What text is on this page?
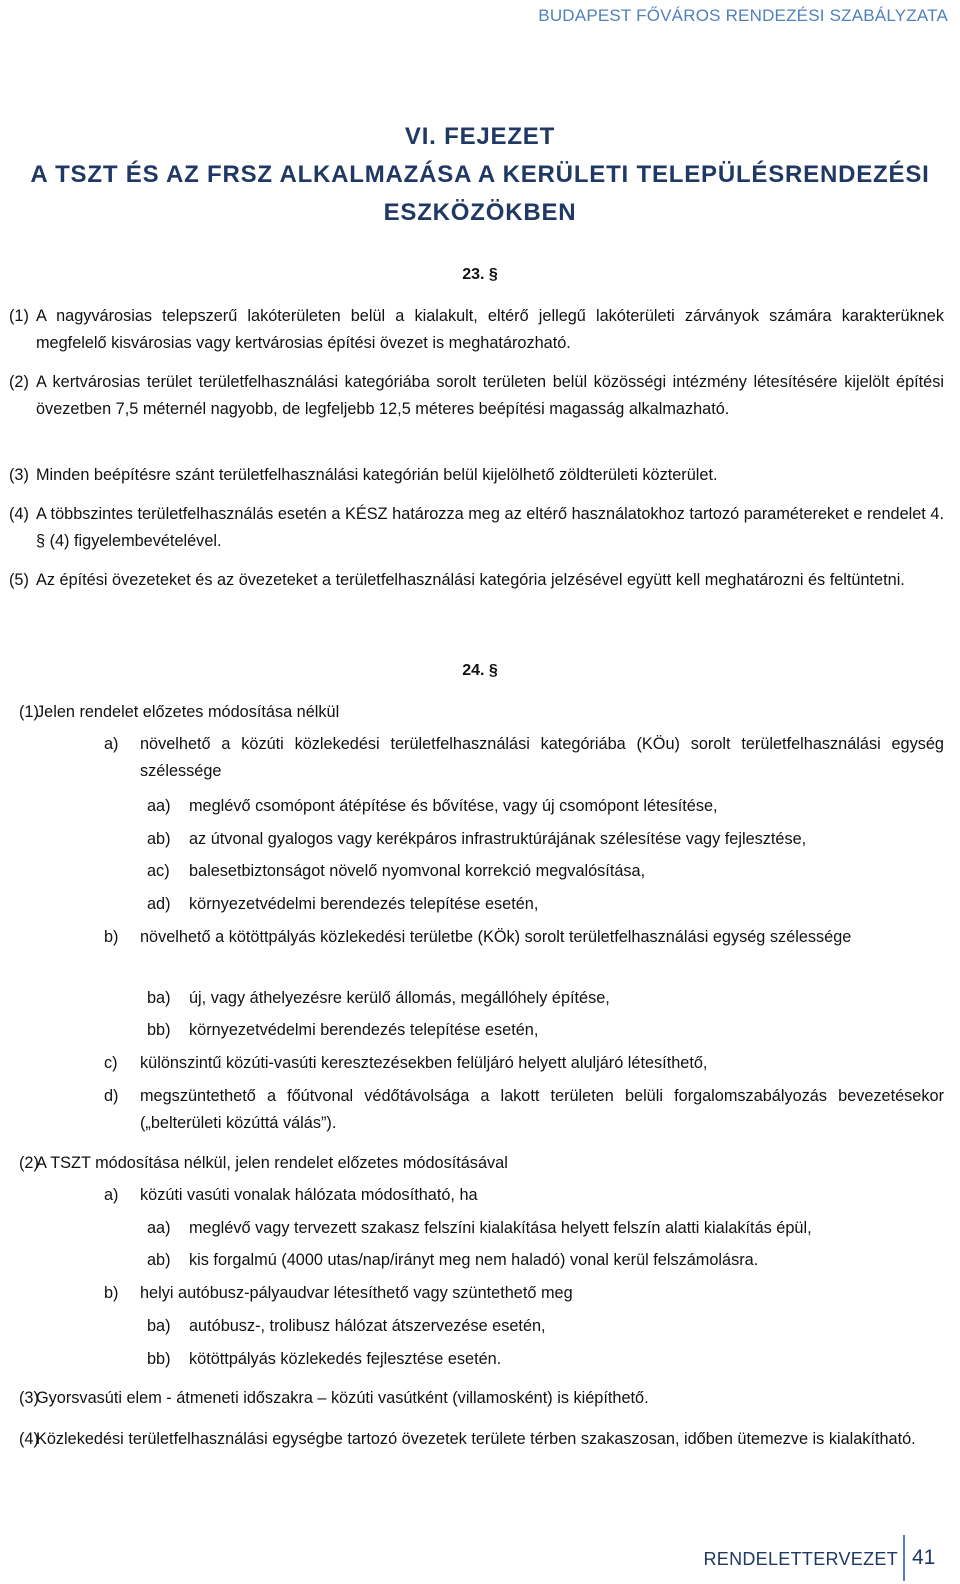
BUDAPEST FŐVÁROS RENDEZÉSI SZABÁLYZATA
VI. FEJEZET
A TSZT ÉS AZ FRSZ ALKALMAZÁSA A KERÜLETI TELEPÜLÉSRENDEZÉSI
ESZKÖZÖKBEN
23. §
(1) A nagyvárosias telepszerű lakóterületen belül a kialakult, eltérő jellegű lakóterületi zárványok számára karakterüknek megfelelő kisvárosias vagy kertvárosias építési övezet is meghatározható.
(2) A kertvárosias terület területfelhasználási kategóriába sorolt területen belül közösségi intézmény létesítésére kijelölt építési övezetben 7,5 méternél nagyobb, de legfeljebb 12,5 méteres beépítési magasság alkalmazható.
(3) Minden beépítésre szánt területfelhasználási kategórián belül kijelölhető zöldterületi közterület.
(4) A többszintes területfelhasználás esetén a KÉSZ határozza meg az eltérő használatokhoz tartozó paramétereket e rendelet 4. § (4) figyelembevételével.
(5) Az építési övezeteket és az övezeteket a területfelhasználási kategória jelzésével együtt kell meghatározni és feltüntetni.
24. §
(1)
Jelen rendelet előzetes módosítása nélkül
a) növelhető a közúti közlekedési területfelhasználási kategóriába (KÖu) sorolt területfelhasználási egység szélessége
aa) meglévő csomópont átépítése és bővítése, vagy új csomópont létesítése,
ab) az útvonal gyalogos vagy kerékpáros infrastruktúrájának szélesítése vagy fejlesztése,
ac) balesetbiztonságot növelő nyomvonal korrekció megvalósítása,
ad) környezetvédelmi berendezés telepítése esetén,
b) növelhető a kötöttpályás közlekedési területbe (KÖk) sorolt területfelhasználási egység szélessége
ba) új, vagy áthelyezésre kerülő állomás, megállóhely építése,
bb) környezetvédelmi berendezés telepítése esetén,
c) különszintű közúti-vasúti keresztezésekben felüljáró helyett aluljáró létesíthető,
d) megszüntethető a főútvonal védőtávolsága a lakott területen belüli forgalomszabályozás bevezetésekor („belterületi közúttá válás”).
(2)
A TSZT módosítása nélkül, jelen rendelet előzetes módosításával
a) közúti vasúti vonalak hálózata módosítható, ha
aa) meglévő vagy tervezett szakasz felszíni kialakítása helyett felszín alatti kialakítás épül,
ab) kis forgalmú (4000 utas/nap/irányt meg nem haladó) vonal kerül felszámolásra.
b) helyi autóbusz-pályaudvar létesíthető vagy szüntethető meg
ba) autóbusz-, trolibusz hálózat átszervezése esetén,
bb) kötöttpályás közlekedés fejlesztése esetén.
(3)
Gyorsvasúti elem - átmeneti időszakra – közúti vasútként (villamosként) is kiépíthető.
(4)
Közlekedési területfelhasználási egységbe tartozó övezetek területe térben szakaszosan, időben ütemezve is kialakítható.
RENDELETTERVEZET 41
